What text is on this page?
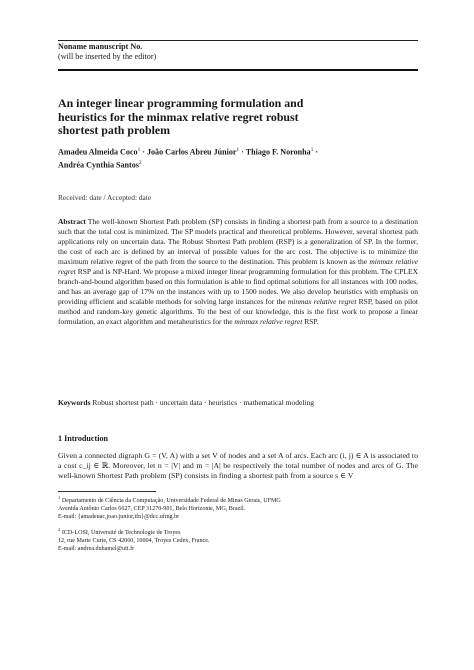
Noname manuscript No.
(will be inserted by the editor)
An integer linear programming formulation and
heuristics for the minmax relative regret robust
shortest path problem
Amadeu Almeida Coco$^1$ · João Carlos Abreu Júnior$^1$ · Thiago F. Noronha$^1$ ·
Andréa Cynthia Santos$^2$
Received: date / Accepted: date
Abstract The well-known Shortest Path problem (SP) consists in finding a shortest path from a source to a destination such that the total cost is minimized. The SP models practical and theoretical problems. However, several shortest path applications rely on uncertain data. The Robust Shortest Path problem (RSP) is a generalization of SP. In the former, the cost of each arc is defined by an interval of possible values for the arc cost. The objective is to minimize the maximum relative regret of the path from the source to the destination. This problem is known as the minmax relative regret RSP and is NP-Hard. We propose a mixed integer linear programming formulation for this problem. The CPLEX branch-and-bound algorithm based on this formulation is able to find optimal solutions for all instances with 100 nodes, and has an average gap of 17% on the instances with up to 1500 nodes. We also develop heuristics with emphasis on providing efficient and scalable methods for solving large instances for the minmax relative regret RSP, based on pilot method and random-key genetic algorithms. To the best of our knowledge, this is the first work to propose a linear formulation, an exact algorithm and metaheuristics for the minmax relative regret RSP.
Keywords Robust shortest path · uncertain data · heuristics · mathematical modeling
1 Introduction
Given a connected digraph G = (V, A) with a set V of nodes and a set A of arcs. Each arc (i, j) ∈ A is associated to a cost c_ij ∈ ℝ. Moreover, let n = |V| and m = |A| be respectively the total number of nodes and arcs of G. The well-known Shortest Path problem (SP) consists in finding a shortest path from a source s ∈ V
$^1$ Departamento de Ciência da Computação, Universidade Federal de Minas Gerais, UFMG
Avenida Antônio Carlos 6627, CEP 31270-901, Belo Horizonte, MG, Brazil.
E-mail: {amadeuac,joao.junior,tfn}@dcc.ufmg.br
$^2$ ICD-LOSI, Université de Technologie de Troyes
12, rue Marie Curie, CS 42060, 10004, Troyes Cedex, France.
E-mail: andrea.duhamel@utt.fr
